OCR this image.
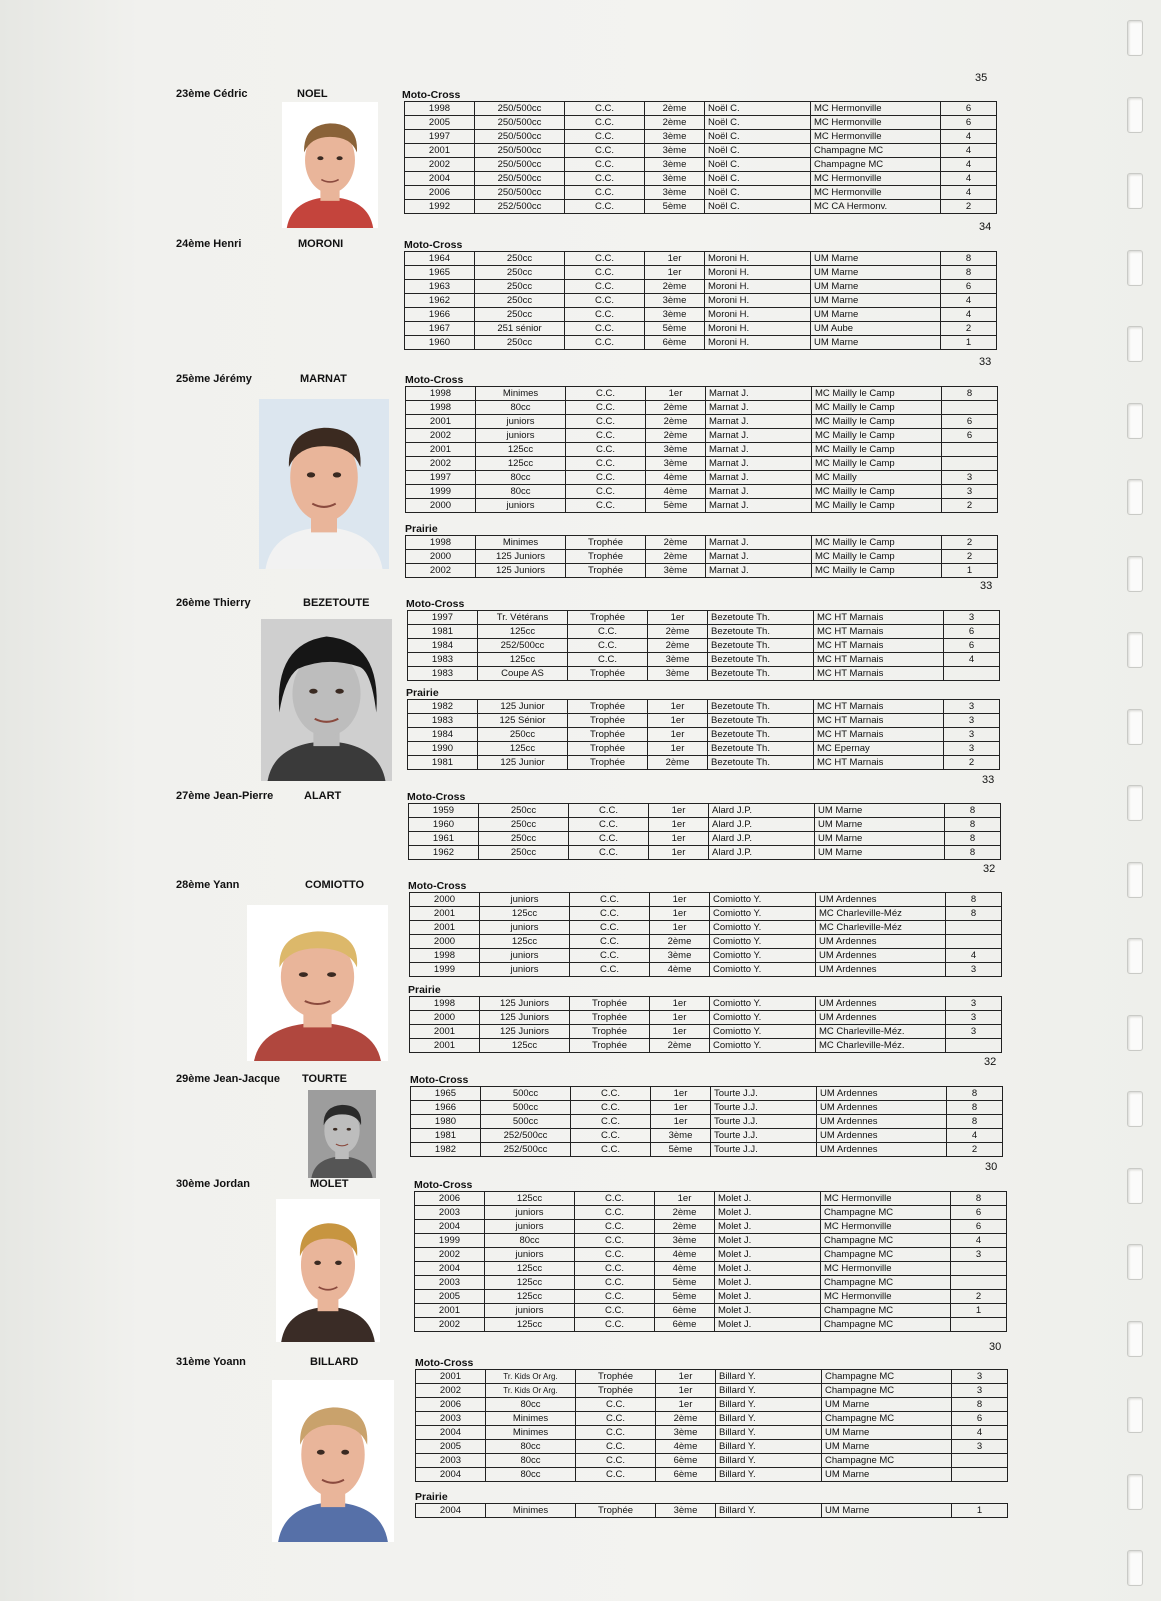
35
23ème Cédric	NOEL	Moto-Cross
1998	250/500cc	C.C.	2ème	Noël C.	MC Hermonville	6
2005	250/500cc	C.C.	2ème	Noël C.	MC Hermonville	6
1997	250/500cc	C.C.	3ème	Noël C.	MC Hermonville	4
2001	250/500cc	C.C.	3ème	Noël C.	Champagne MC	4
2002	250/500cc	C.C.	3ème	Noël C.	Champagne MC	4
2004	250/500cc	C.C.	3ème	Noël C.	MC Hermonville	4
2006	250/500cc	C.C.	3ème	Noël C.	MC Hermonville	4
1992	252/500cc	C.C.	5ème	Noël C.	MC CA Hermonv.	2
34
24ème Henri	MORONI	Moto-Cross
1964	250cc	C.C.	1er	Moroni H.	UM Marne	8
1965	250cc	C.C.	1er	Moroni H.	UM Marne	8
1963	250cc	C.C.	2ème	Moroni H.	UM Marne	6
1962	250cc	C.C.	3ème	Moroni H.	UM Marne	4
1966	250cc	C.C.	3ème	Moroni H.	UM Marne	4
1967	251 sénior	C.C.	5ème	Moroni H.	UM Aube	2
1960	250cc	C.C.	6ème	Moroni H.	UM Marne	1
33
25ème Jérémy	MARNAT	Moto-Cross
1998	Minimes	C.C.	1er	Marnat J.	MC Mailly le Camp	8
1998	80cc	C.C.	2ème	Marnat J.	MC Mailly le Camp	
2001	juniors	C.C.	2ème	Marnat J.	MC Mailly le Camp	6
2002	juniors	C.C.	2ème	Marnat J.	MC Mailly le Camp	6
2001	125cc	C.C.	3ème	Marnat J.	MC Mailly le Camp	
2002	125cc	C.C.	3ème	Marnat J.	MC Mailly le Camp	
1997	80cc	C.C.	4ème	Marnat J.	MC Mailly	3
1999	80cc	C.C.	4ème	Marnat J.	MC Mailly le Camp	3
2000	juniors	C.C.	5ème	Marnat J.	MC Mailly le Camp	2
Prairie
1998	Minimes	Trophée	2ème	Marnat J.	MC Mailly le Camp	2
2000	125 Juniors	Trophée	2ème	Marnat J.	MC Mailly le Camp	2
2002	125 Juniors	Trophée	3ème	Marnat J.	MC Mailly le Camp	1
33
26ème Thierry	BEZETOUTE	Moto-Cross
1997	Tr. Vétérans	Trophée	1er	Bezetoute Th.	MC HT Marnais	3
1981	125cc	C.C.	2ème	Bezetoute Th.	MC HT Marnais	6
1984	252/500cc	C.C.	2ème	Bezetoute Th.	MC HT Marnais	6
1983	125cc	C.C.	3ème	Bezetoute Th.	MC HT Marnais	4
1983	Coupe AS	Trophée	3ème	Bezetoute Th.	MC HT Marnais	
Prairie
1982	125 Junior	Trophée	1er	Bezetoute Th.	MC HT Marnais	3
1983	125 Sénior	Trophée	1er	Bezetoute Th.	MC HT Marnais	3
1984	250cc	Trophée	1er	Bezetoute Th.	MC HT Marnais	3
1990	125cc	Trophée	1er	Bezetoute Th.	MC Epernay	3
1981	125 Junior	Trophée	2ème	Bezetoute Th.	MC HT Marnais	2
33
27ème Jean-Pierre	ALART	Moto-Cross
1959	250cc	C.C.	1er	Alard J.P.	UM Marne	8
1960	250cc	C.C.	1er	Alard J.P.	UM Marne	8
1961	250cc	C.C.	1er	Alard J.P.	UM Marne	8
1962	250cc	C.C.	1er	Alard J.P.	UM Marne	8
32
28ème Yann	COMIOTTO	Moto-Cross
2000	juniors	C.C.	1er	Comiotto Y.	UM Ardennes	8
2001	125cc	C.C.	1er	Comiotto Y.	MC Charleville-Méz	8
2001	juniors	C.C.	1er	Comiotto Y.	MC Charleville-Méz	
2000	125cc	C.C.	2ème	Comiotto Y.	UM Ardennes	
1998	juniors	C.C.	3ème	Comiotto Y.	UM Ardennes	4
1999	juniors	C.C.	4ème	Comiotto Y.	UM Ardennes	3
Prairie
1998	125 Juniors	Trophée	1er	Comiotto Y.	UM Ardennes	3
2000	125 Juniors	Trophée	1er	Comiotto Y.	UM Ardennes	3
2001	125 Juniors	Trophée	1er	Comiotto Y.	MC Charleville-Méz.	3
2001	125cc	Trophée	2ème	Comiotto Y.	MC Charleville-Méz.	
32
29ème Jean-Jacque TOURTE	Moto-Cross
1965	500cc	C.C.	1er	Tourte J.J.	UM Ardennes	8
1966	500cc	C.C.	1er	Tourte J.J.	UM Ardennes	8
1980	500cc	C.C.	1er	Tourte J.J.	UM Ardennes	8
1981	252/500cc	C.C.	3ème	Tourte J.J.	UM Ardennes	4
1982	252/500cc	C.C.	5ème	Tourte J.J.	UM Ardennes	2
30
30ème Jordan	MOLET	Moto-Cross
2006	125cc	C.C.	1er	Molet J.	MC Hermonville	8
2003	juniors	C.C.	2ème	Molet J.	Champagne MC	6
2004	juniors	C.C.	2ème	Molet J.	MC Hermonville	6
1999	80cc	C.C.	3ème	Molet J.	Champagne MC	4
2002	juniors	C.C.	4ème	Molet J.	Champagne MC	3
2004	125cc	C.C.	4ème	Molet J.	MC Hermonville	
2003	125cc	C.C.	5ème	Molet J.	Champagne MC	
2005	125cc	C.C.	5ème	Molet J.	MC Hermonville	2
2001	juniors	C.C.	6ème	Molet J.	Champagne MC	1
2002	125cc	C.C.	6ème	Molet J.	Champagne MC	
30
31ème Yoann	BILLARD	Moto-Cross
2001	Tr. Kids Or Arg.	Trophée	1er	Billard Y.	Champagne MC	3
2002	Tr. Kids Or Arg.	Trophée	1er	Billard Y.	Champagne MC	3
2006	80cc	C.C.	1er	Billard Y.	UM Marne	8
2003	Minimes	C.C.	2ème	Billard Y.	Champagne MC	6
2004	Minimes	C.C.	3ème	Billard Y.	UM Marne	4
2005	80cc	C.C.	4ème	Billard Y.	UM Marne	3
2003	80cc	C.C.	6ème	Billard Y.	Champagne MC	
2004	80cc	C.C.	6ème	Billard Y.	UM Marne	
Prairie
2004	Minimes	Trophée	3ème	Billard Y.	UM Marne	1
